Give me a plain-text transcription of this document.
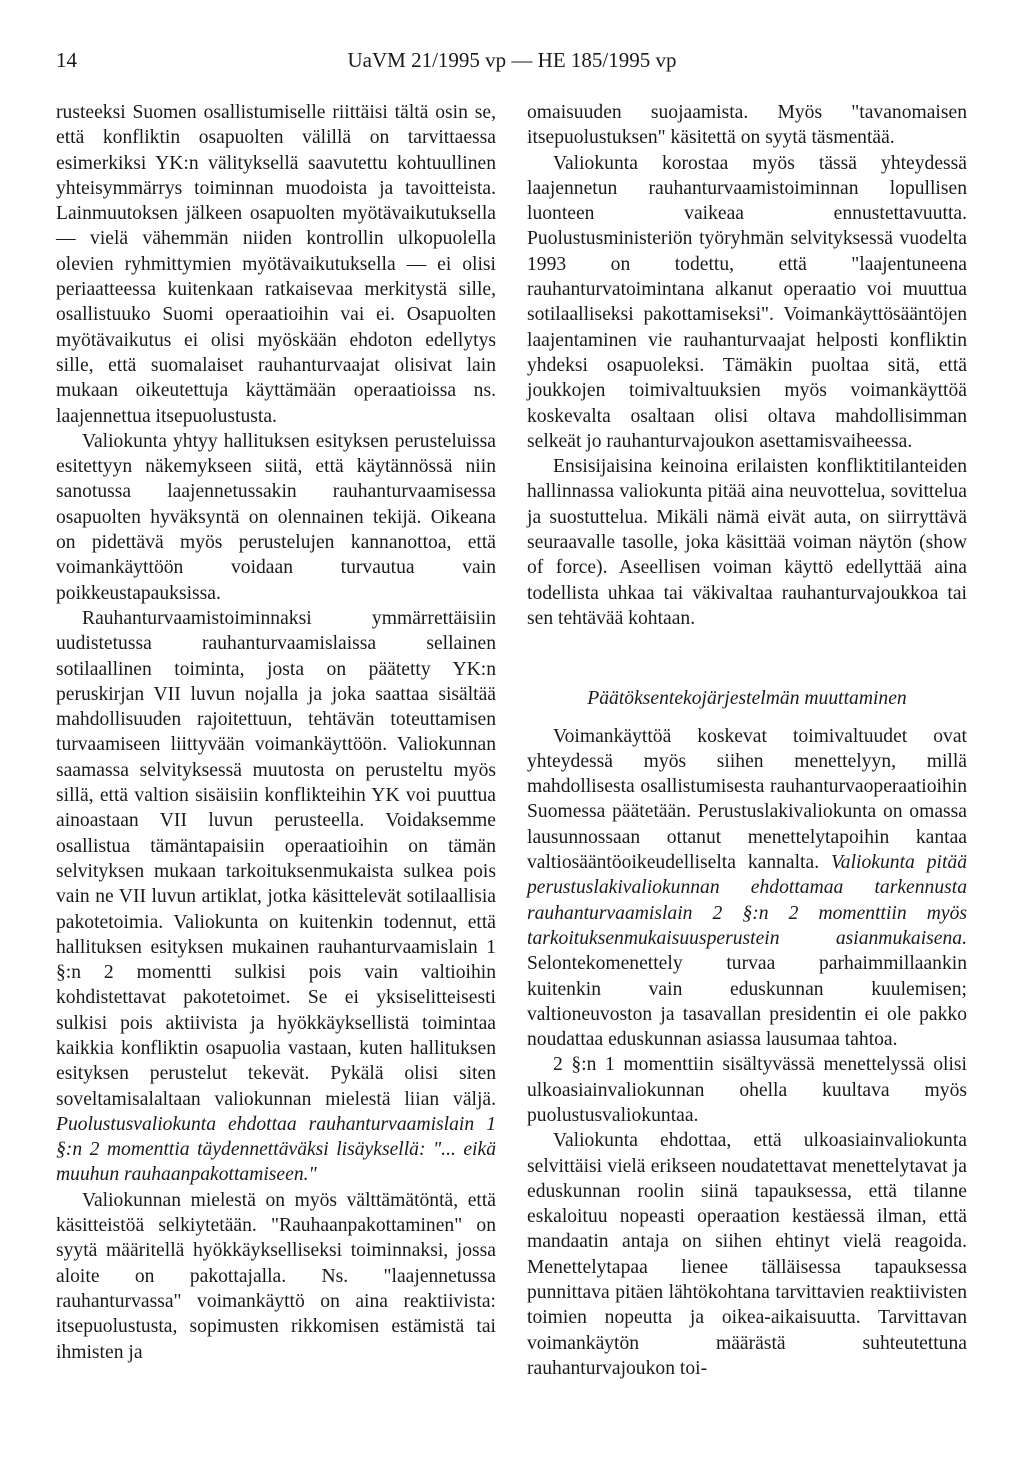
14	UaVM 21/1995 vp — HE 185/1995 vp

rusteeksi Suomen osallistumiselle riittäisi tältä osin se, että konfliktin osapuolten välillä on tarvittaessa esimerkiksi YK:n välityksellä saavutettu kohtuullinen yhteisymmärrys toiminnan muodoista ja tavoitteista. Lainmuutoksen jälkeen osapuolten myötävaikutuksella — vielä vähemmän niiden kontrollin ulkopuolella olevien ryhmittymien myötävaikutuksella — ei olisi periaatteessa kuitenkaan ratkaisevaa merkitystä sille, osallistuuko Suomi operaatioihin vai ei. Osapuolten myötävaikutus ei olisi myöskään ehdoton edellytys sille, että suomalaiset rauhanturvaajat olisivat lain mukaan oikeutettuja käyttämään operaatioissa ns. laajennettua itsepuolustusta.

Valiokunta yhtyy hallituksen esityksen perusteluissa esitettyyn näkemykseen siitä, että käytännössä niin sanotussa laajennetussakin rauhanturvaamisessa osapuolten hyväksyntä on olennainen tekijä. Oikeana on pidettävä myös perustelujen kannanottoa, että voimankäyttöön voidaan turvautua vain poikkeustapauksissa.

Rauhanturvaamistoiminnaksi ymmärrettäisiin uudistetussa rauhanturvaamislaissa sellainen sotilaallinen toiminta, josta on päätetty YK:n peruskirjan VII luvun nojalla ja joka saattaa sisältää mahdollisuuden rajoitettuun, tehtävän toteuttamisen turvaamiseen liittyvään voimankäyttöön. Valiokunnan saamassa selvityksessä muutosta on perusteltu myös sillä, että valtion sisäisiin konflikteihin YK voi puuttua ainoastaan VII luvun perusteella. Voidaksemme osallistua tämäntapaisiin operaatioihin on tämän selvityksen mukaan tarkoituksenmukaista sulkea pois vain ne VII luvun artiklat, jotka käsittelevät sotilaallisia pakotetoimia. Valiokunta on kuitenkin todennut, että hallituksen esityksen mukainen rauhanturvaamislain 1 §:n 2 momentti sulkisi pois vain valtioihin kohdistettavat pakotetoimet. Se ei yksiselitteisesti sulkisi pois aktiivista ja hyökkäyksellistä toimintaa kaikkia konfliktin osapuolia vastaan, kuten hallituksen esityksen perustelut tekevät. Pykälä olisi siten soveltamisalaltaan valiokunnan mielestä liian väljä. Puolustusvaliokunta ehdottaa rauhanturvaamislain 1 §:n 2 momenttia täydennettäväksi lisäyksellä: "... eikä muuhun rauhaanpakottamiseen."

Valiokunnan mielestä on myös välttämätöntä, että käsitteistöä selkiytetään. "Rauhaanpakottaminen" on syytä määritellä hyökkäykselliseksi toiminnaksi, jossa aloite on pakottajalla. Ns. "laajennetussa rauhanturvassa" voimankäyttö on aina reaktiivista: itsepuolustusta, sopimusten rikkomisen estämistä tai ihmisten ja

omaisuuden suojaamista. Myös "tavanomaisen itsepuolustuksen" käsitettä on syytä täsmentää.

Valiokunta korostaa myös tässä yhteydessä laajennetun rauhanturvaamistoiminnan lopullisen luonteen vaikeaa ennustettavuutta. Puolustusministeriön työryhmän selvityksessä vuodelta 1993 on todettu, että "laajentuneena rauhanturvatoimintana alkanut operaatio voi muuttua sotilaalliseksi pakottamiseksi". Voimankäyttösääntöjen laajentaminen vie rauhanturvaajat helposti konfliktin yhdeksi osapuoleksi. Tämäkin puoltaa sitä, että joukkojen toimivaltuuksien myös voimankäyttöä koskevalta osaltaan olisi oltava mahdollisimman selkeät jo rauhanturvajoukon asettamisvaiheessa.

Ensisijaisina keinoina erilaisten konfliktitilanteiden hallinnassa valiokunta pitää aina neuvottelua, sovittelua ja suostuttelua. Mikäli nämä eivät auta, on siirryttävä seuraavalle tasolle, joka käsittää voiman näytön (show of force). Aseellisen voiman käyttö edellyttää aina todellista uhkaa tai väkivaltaa rauhanturvajoukkoa tai sen tehtävää kohtaan.

Päätöksentekojärjestelmän muuttaminen

Voimankäyttöä koskevat toimivaltuudet ovat yhteydessä myös siihen menettelyyn, millä mahdollisesta osallistumisesta rauhanturvaoperaatioihin Suomessa päätetään. Perustuslakivaliokunta on omassa lausunnossaan ottanut menettelytapoihin kantaa valtiosääntöoikeudelliselta kannalta. Valiokunta pitää perustuslakivaliokunnan ehdottamaa tarkennusta rauhanturvaamislain 2 §:n 2 momenttiin myös tarkoituksenmukaisuusperustein asianmukaisena. Selontekomenettely turvaa parhaimmillaankin kuitenkin vain eduskunnan kuulemisen; valtioneuvoston ja tasavallan presidentin ei ole pakko noudattaa eduskunnan asiassa lausumaa tahtoa.

2 §:n 1 momenttiin sisältyvässä menettelyssä olisi ulkoasiainvaliokunnan ohella kuultava myös puolustusvaliokuntaa.

Valiokunta ehdottaa, että ulkoasiainvaliokunta selvittäisi vielä erikseen noudatettavat menettelytavat ja eduskunnan roolin siinä tapauksessa, että tilanne eskaloituu nopeasti operaation kestäessä ilman, että mandaatin antaja on siihen ehtinyt vielä reagoida. Menettelytapaa lienee tälläisessa tapauksessa punnittava pitäen lähtökohtana tarvittavien reaktiivisten toimien nopeutta ja oikea-aikaisuutta. Tarvittavan voimankäytön määrästä suhteutettuna rauhanturvajoukon toi-
